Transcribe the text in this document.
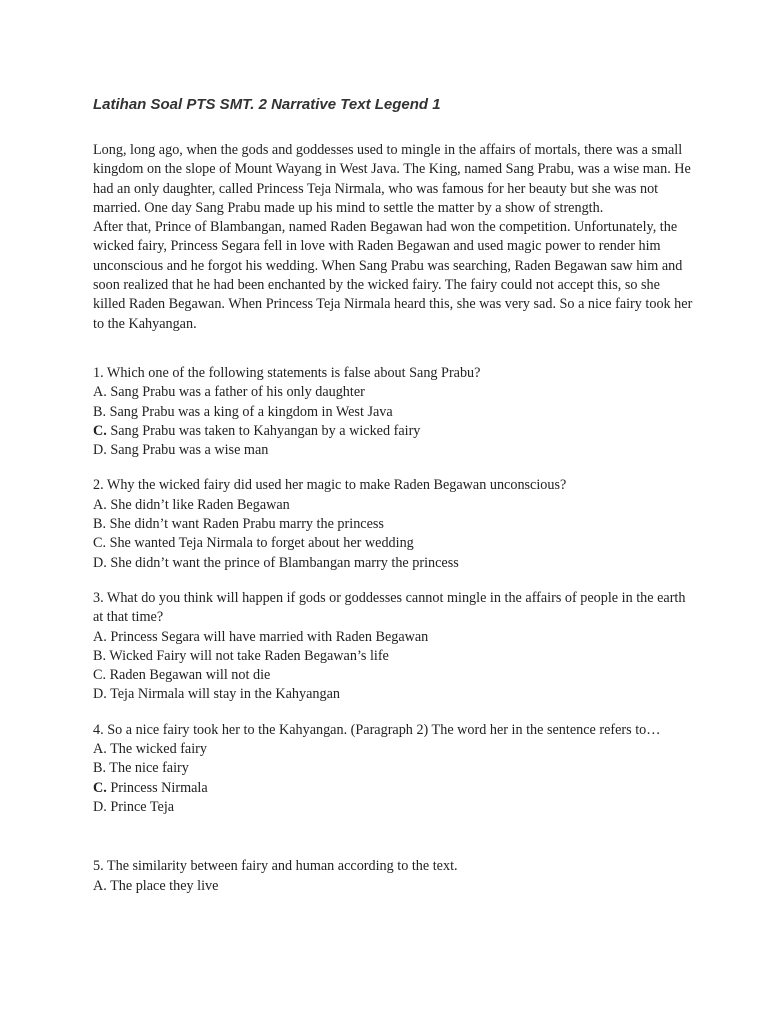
Latihan Soal PTS SMT. 2 Narrative Text Legend 1

Long, long ago, when the gods and goddesses used to mingle in the affairs of mortals, there was a small kingdom on the slope of Mount Wayang in West Java. The King, named Sang Prabu, was a wise man. He had an only daughter, called Princess Teja Nirmala, who was famous for her beauty but she was not married. One day Sang Prabu made up his mind to settle the matter by a show of strength.

After that, Prince of Blambangan, named Raden Begawan had won the competition. Unfortunately, the wicked fairy, Princess Segara fell in love with Raden Begawan and used magic power to render him unconscious and he forgot his wedding. When Sang Prabu was searching, Raden Begawan saw him and soon realized that he had been enchanted by the wicked fairy. The fairy could not accept this, so she killed Raden Begawan. When Princess Teja Nirmala heard this, she was very sad. So a nice fairy took her to the Kahyangan.

1. Which one of the following statements is false about Sang Prabu?
A. Sang Prabu was a father of his only daughter
B. Sang Prabu was a king of a kingdom in West Java
C. Sang Prabu was taken to Kahyangan by a wicked fairy
D. Sang Prabu was a wise man
2. Why the wicked fairy did used her magic to make Raden Begawan unconscious?
A. She didn’t like Raden Begawan
B. She didn’t want Raden Prabu marry the princess
C. She wanted Teja Nirmala to forget about her wedding
D. She didn’t want the prince of Blambangan marry the princess
3. What do you think will happen if gods or goddesses cannot mingle in the affairs of people in the earth at that time?
A. Princess Segara will have married with Raden Begawan
B. Wicked Fairy will not take Raden Begawan’s life
C. Raden Begawan will not die
D. Teja Nirmala will stay in the Kahyangan
4. So a nice fairy took her to the Kahyangan. (Paragraph 2) The word her in the sentence refers to…
A. The wicked fairy
B. The nice fairy
C. Princess Nirmala
D. Prince Teja
5. The similarity between fairy and human according to the text.
A. The place they live
